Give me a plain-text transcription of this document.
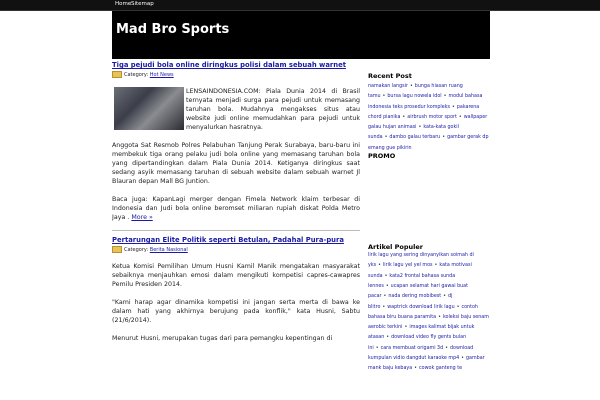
Home Sitemap
Mad Bro Sports
Tiga pejudi bola online diringkus polisi dalam sebuah warnet
Category: Hot News

LENSAINDONESIA.COM: Piala Dunia 2014 di Brasil ternyata menjadi surga para pejudi untuk memasang taruhan bola. Mudahnya mengakses situs atau website judi online memudahkan para pejudi untuk menyalurkan hasratnya.

Anggota Sat Resmob Polres Pelabuhan Tanjung Perak Surabaya, baru-baru ini membekuk tiga orang pelaku judi bola online yang memasang taruhan bola yang dipertandingkan dalam Piala Dunia 2014. Ketiganya diringkus saat sedang asyik memasang taruhan di sebuah website dalam sebuah warnet Jl Blauran depan Mall BG Juntion.

Baca juga: KapanLagi merger dengan Fimela Network klaim terbesar di Indonesia dan Judi bola online beromset miliaran rupiah diskat Polda Metro Jaya . More »

Pertarungan Elite Politik seperti Betulan, Padahal Pura-pura
Category: Berita Nasional

Ketua Komisi Pemilihan Umum Husni Kamil Manik mengatakan masyarakat sebaiknya menjauhkan emosi dalam mengikuti kompetisi capres-cawapres Pemilu Presiden 2014.

"Kami harap agar dinamika kompetisi ini jangan serta merta di bawa ke dalam hati yang akhirnya berujung pada konflik," kata Husni, Sabtu (21/6/2014).

Menurut Husni, merupakan tugas dari para pemangku kepentingan di

Recent Post
namakan langsir • bunga hiasan ruang tamu • bursa lagu nowela idol • modul bahasa indonesia teks prosedur kompleks • pakarena chord pianika • airbrush motor sport • wallpaper galau hujan animasi • kata-kata gokil sunda • dambo galau terbaru • gambar gerak dp emang gue pikirin
PROMO
Artikel Populer
lirik lagu yang sering dinyanyikan soimah di yks • lirik lagu yel yel mos • kata motivasi sunda • kata2 frontal bahasa sunda lennes • ucapan selamat hari gawai buat pacar • nada dering mobibest • dj blitro • waptrick download lirik lagu • contoh bahasa biru buana paramita • koleksi baju senam aerobic terkini • images kalimat bijak untuk atasan • download video fly gents bulan ini • cara membuat origami 3d • download kumpulan vidio dangdut karaoke mp4 • gambar mank baju kebaya • cowok ganteng te
